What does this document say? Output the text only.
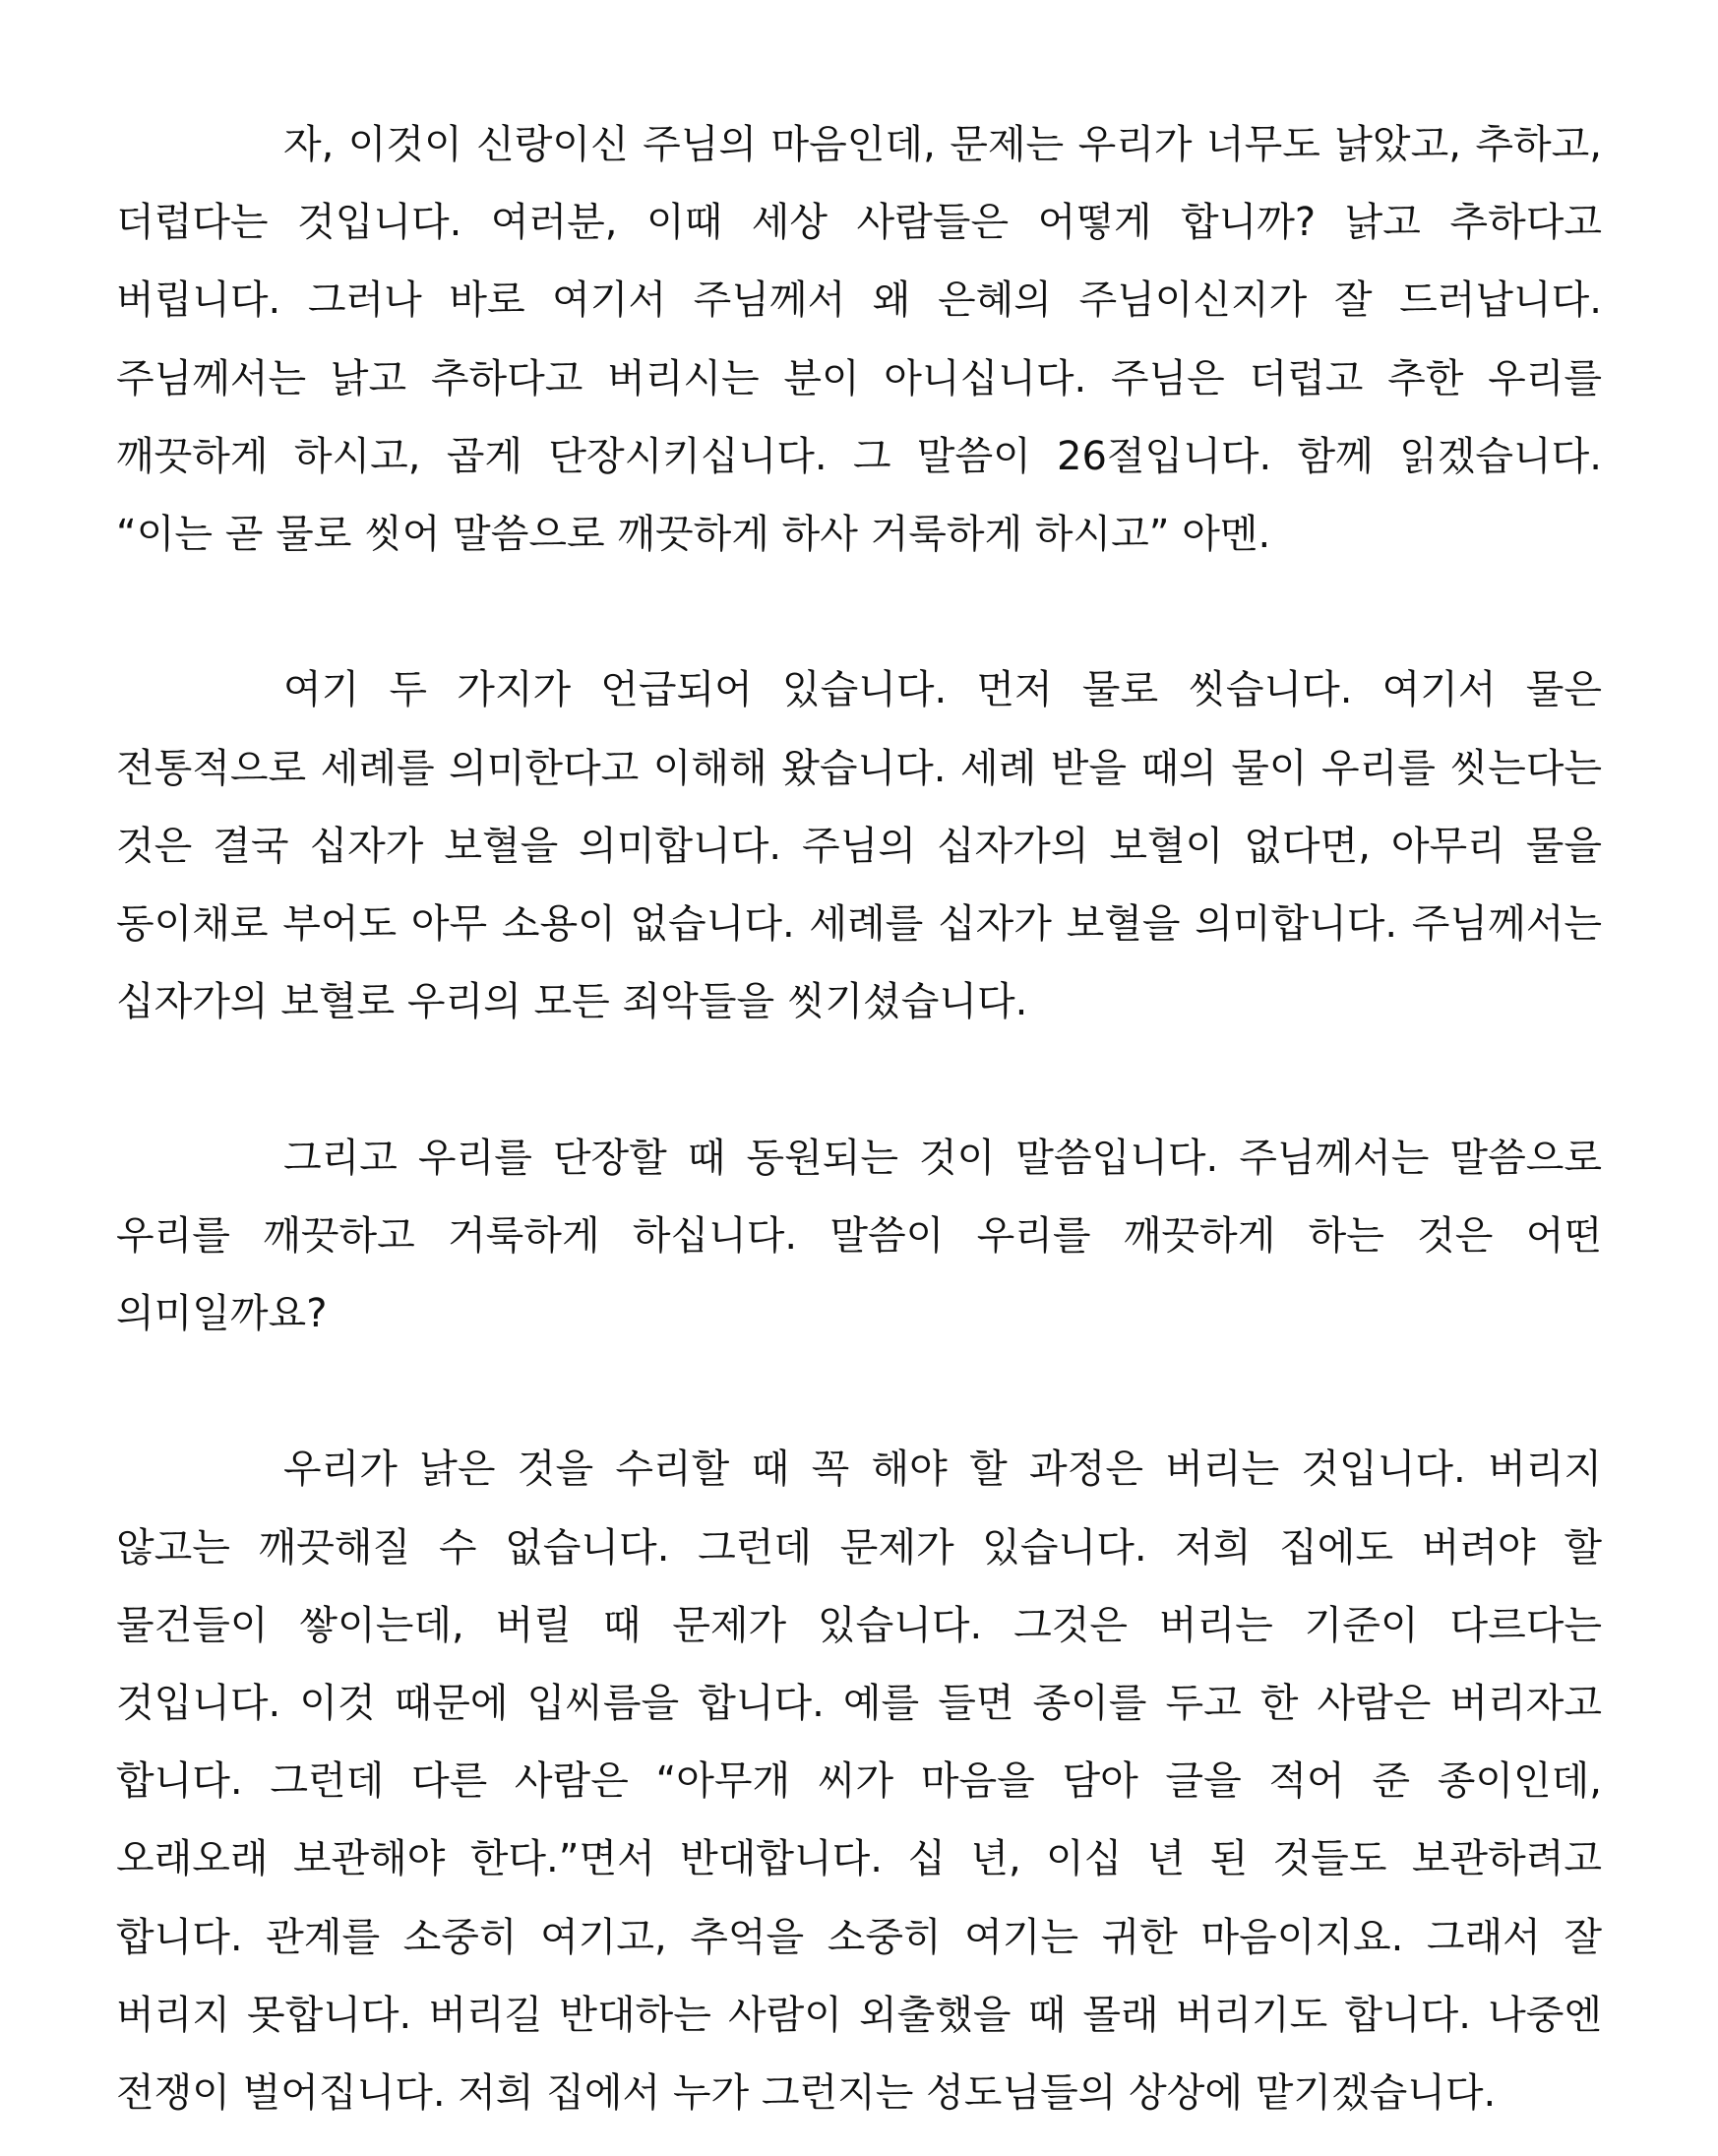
자, 이것이 신랑이신 주님의 마음인데, 문제는 우리가 너무도 낡았고, 추하고, 더럽다는 것입니다. 여러분, 이때 세상 사람들은 어떻게 합니까? 낡고 추하다고 버립니다. 그러나 바로 여기서 주님께서 왜 은혜의 주님이신지가 잘 드러납니다. 주님께서는 낡고 추하다고 버리시는 분이 아니십니다. 주님은 더럽고 추한 우리를 깨끗하게 하시고, 곱게 단장시키십니다. 그 말씀이 26절입니다. 함께 읽겠습니다. “이는 곧 물로 씻어 말씀으로 깨끗하게 하사 거룩하게 하시고” 아멘.

여기 두 가지가 언급되어 있습니다. 먼저 물로 씻습니다. 여기서 물은 전통적으로 세례를 의미한다고 이해해 왔습니다. 세례 받을 때의 물이 우리를 씻는다는 것은 결국 십자가 보혈을 의미합니다. 주님의 십자가의 보혈이 없다면, 아무리 물을 동이채로 부어도 아무 소용이 없습니다. 세례를 십자가 보혈을 의미합니다. 주님께서는 십자가의 보혈로 우리의 모든 죄악들을 씻기셨습니다.

그리고 우리를 단장할 때 동원되는 것이 말씀입니다. 주님께서는 말씀으로 우리를 깨끗하고 거룩하게 하십니다. 말씀이 우리를 깨끗하게 하는 것은 어떤 의미일까요?

우리가 낡은 것을 수리할 때 꼭 해야 할 과정은 버리는 것입니다. 버리지 않고는 깨끗해질 수 없습니다. 그런데 문제가 있습니다. 저희 집에도 버려야 할 물건들이 쌓이는데, 버릴 때 문제가 있습니다. 그것은 버리는 기준이 다르다는 것입니다. 이것 때문에 입씨름을 합니다. 예를 들면 종이를 두고 한 사람은 버리자고 합니다. 그런데 다른 사람은 “아무개 씨가 마음을 담아 글을 적어 준 종이인데, 오래오래 보관해야 한다.”면서 반대합니다. 십 년, 이십 년 된 것들도 보관하려고 합니다. 관계를 소중히 여기고, 추억을 소중히 여기는 귀한 마음이지요. 그래서 잘 버리지 못합니다. 버리길 반대하는 사람이 외출했을 때 몰래 버리기도 합니다. 나중엔 전쟁이 벌어집니다. 저희 집에서 누가 그런지는 성도님들의 상상에 맡기겠습니다.
